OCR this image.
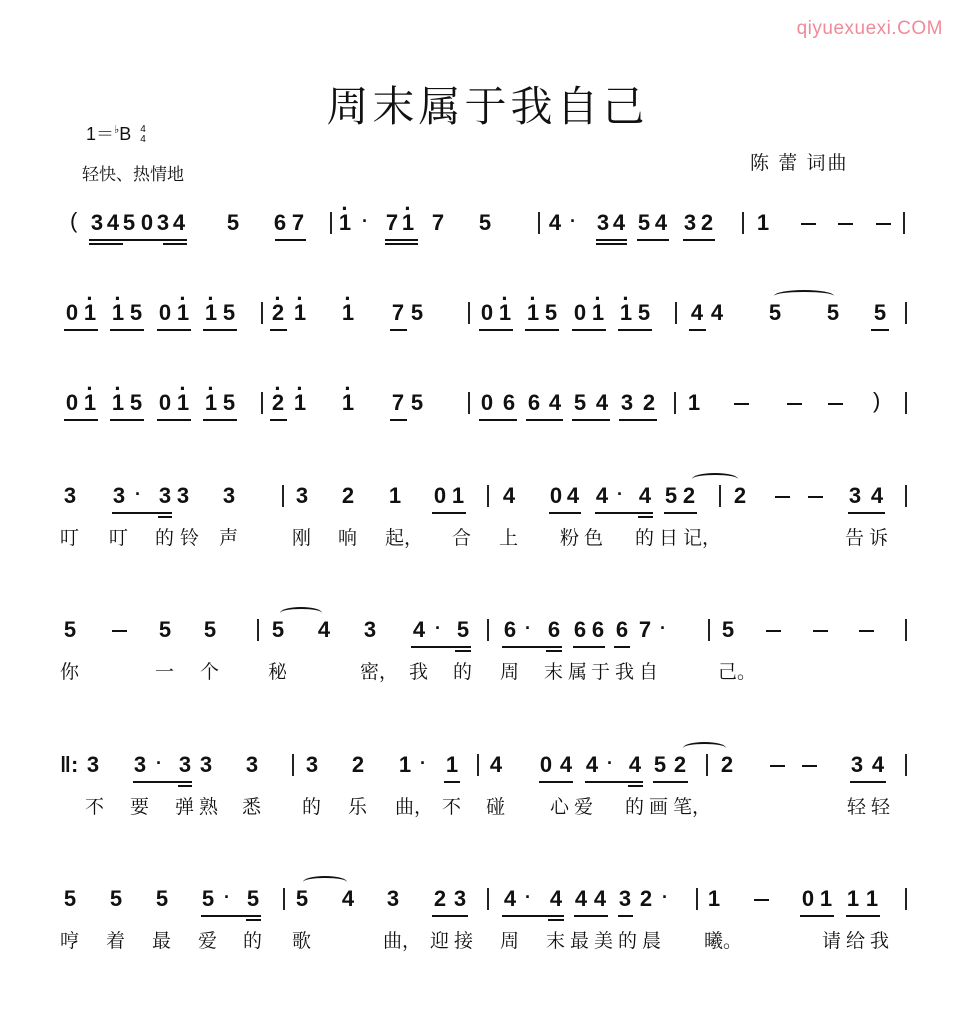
qiyuexuexi.COM
周末属于我自己
1＝♭B 4
4
轻快、热情地
陈 蕾 词曲
3 4 5 0 3 4 5 6 7 · 1 7 · 1 7 5	4 3 4 5 4 3 2 1
·	·
(
0 · 1 · 1 5 0 · 1 · 1 5 · 2 · 1 · 1 7 5	0 · 1 · 1 5 0 · 1 · 1 5 4 4 5 5 5
0 · 1 · 1 5 0 · 1 · 1 5 · 2 · 1 · 1 7 5	0 6 6 4 5 4 3 2 1	)
3 3 3 3 3	3 2 1 0 1 4 0 4 4 4 5 2 2	3 4
·	·
叮 叮 的 铃 声	刚 响 起， 合 上 粉 色 的 日 记，	告 诉
5	5 5	5 4 3 4 5 6 6 6 6 6 7	5
·	·	·
你	一 个	秘	密， 我 的 周 末 属 于 我 自	己。
3 3 3 3 3 3 2 1 1 4 0 4 4 4 5 2 2	3 4
·	·	·
‖:
不 要 弹 熟 悉 的 乐 曲， 不 碰 心 爱 的 画 笔，	轻 轻
5 5 5 5 5 5 4 3 2 3 4 4 4 4 3 2	1	0 1 1 1
·	·	·
哼 着 最 爱 的 歌	曲， 迎 接 周 末 最 美 的 晨 曦。	请 给 我
